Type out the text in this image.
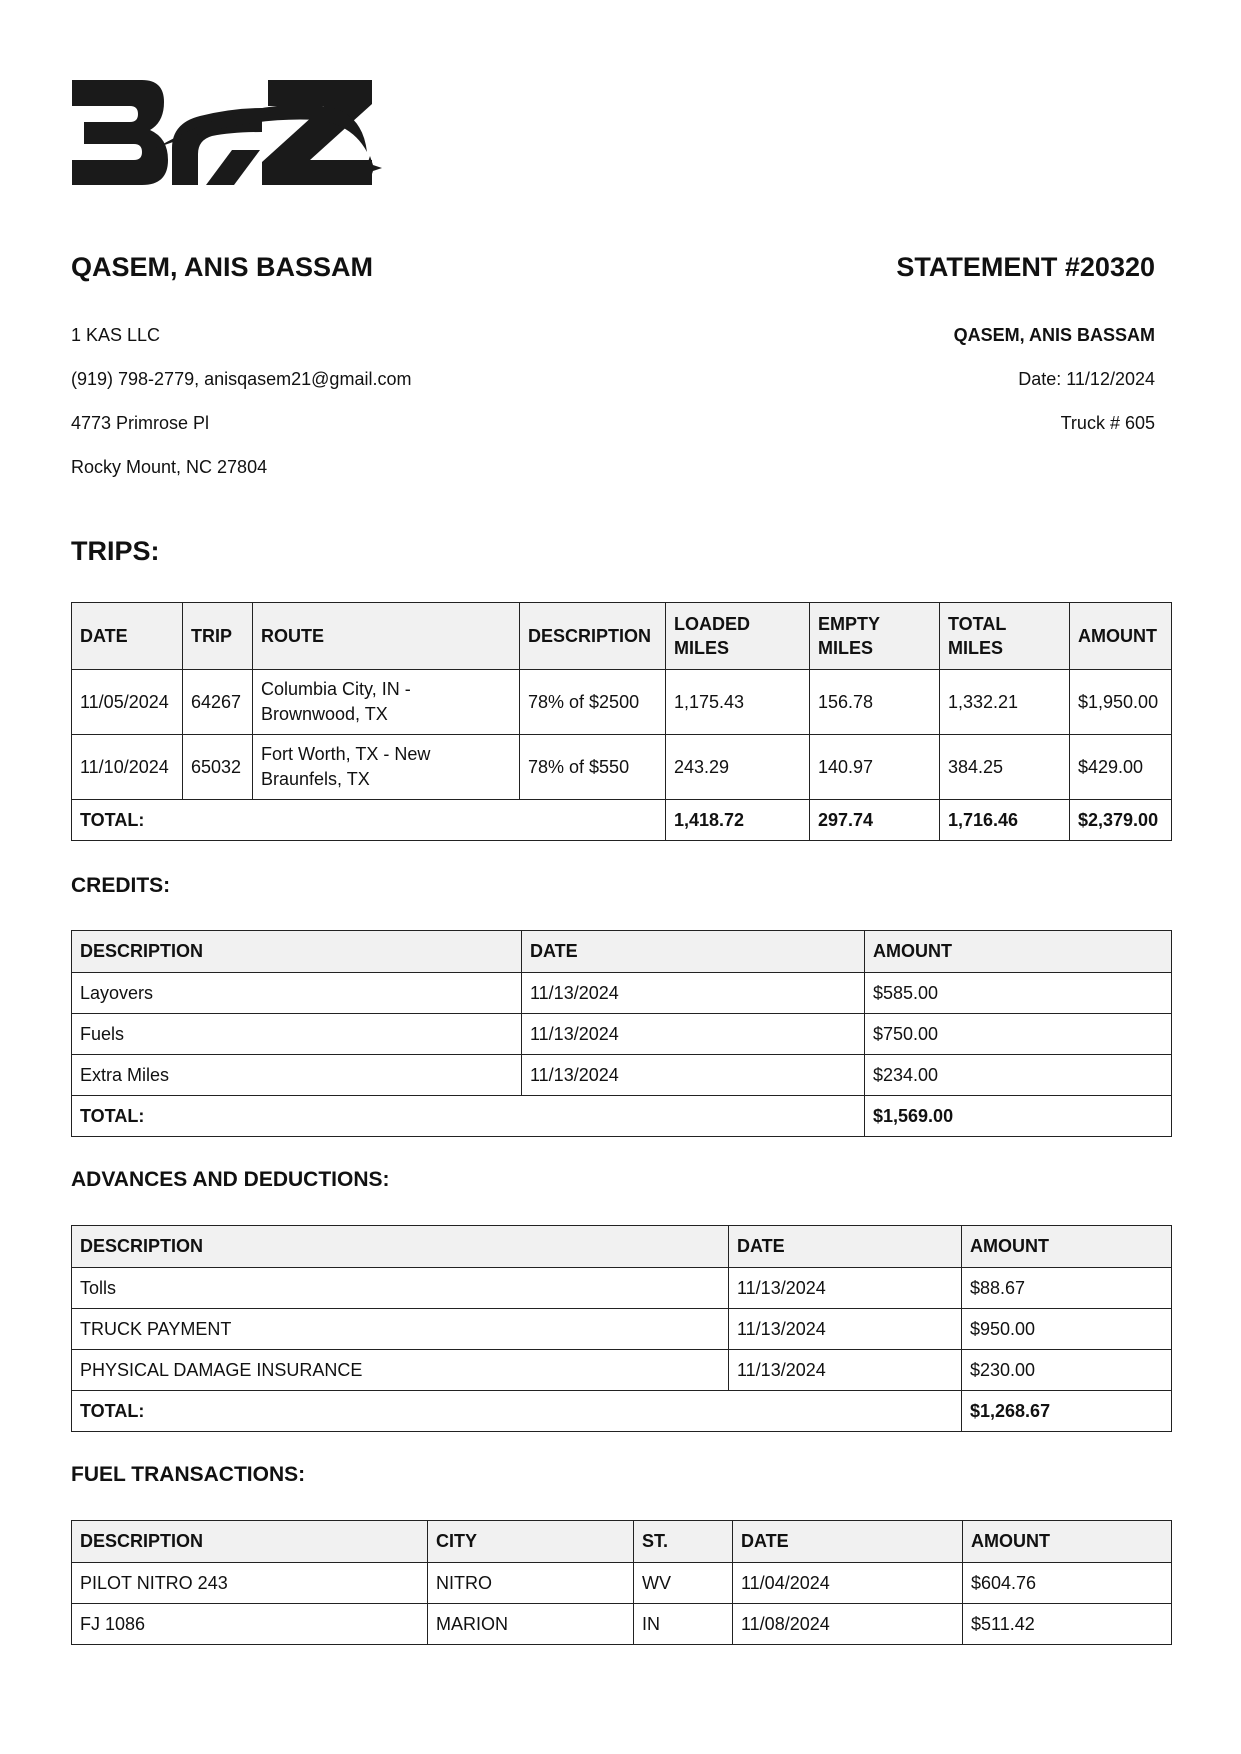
QASEM, ANIS BASSAM	STATEMENT #20320
1 KAS LLC
(919) 798-2779, anisqasem21@gmail.com
4773 Primrose Pl
Rocky Mount, NC 27804
QASEM, ANIS BASSAM
Date: 11/12/2024
Truck # 605
TRIPS:
DATE	TRIP	ROUTE	DESCRIPTION	LOADED MILES	EMPTY MILES	TOTAL MILES	AMOUNT
11/05/2024	64267	Columbia City, IN - Brownwood, TX	78% of $2500	1,175.43	156.78	1,332.21	$1,950.00
11/10/2024	65032	Fort Worth, TX - New Braunfels, TX	78% of $550	243.29	140.97	384.25	$429.00
TOTAL:				1,418.72	297.74	1,716.46	$2,379.00
CREDITS:
DESCRIPTION	DATE	AMOUNT
Layovers	11/13/2024	$585.00
Fuels	11/13/2024	$750.00
Extra Miles	11/13/2024	$234.00
TOTAL:		$1,569.00
ADVANCES AND DEDUCTIONS:
DESCRIPTION	DATE	AMOUNT
Tolls	11/13/2024	$88.67
TRUCK PAYMENT	11/13/2024	$950.00
PHYSICAL DAMAGE INSURANCE	11/13/2024	$230.00
TOTAL:		$1,268.67
FUEL TRANSACTIONS:
DESCRIPTION	CITY	ST.	DATE	AMOUNT
PILOT NITRO 243	NITRO	WV	11/04/2024	$604.76
FJ 1086	MARION	IN	11/08/2024	$511.42
